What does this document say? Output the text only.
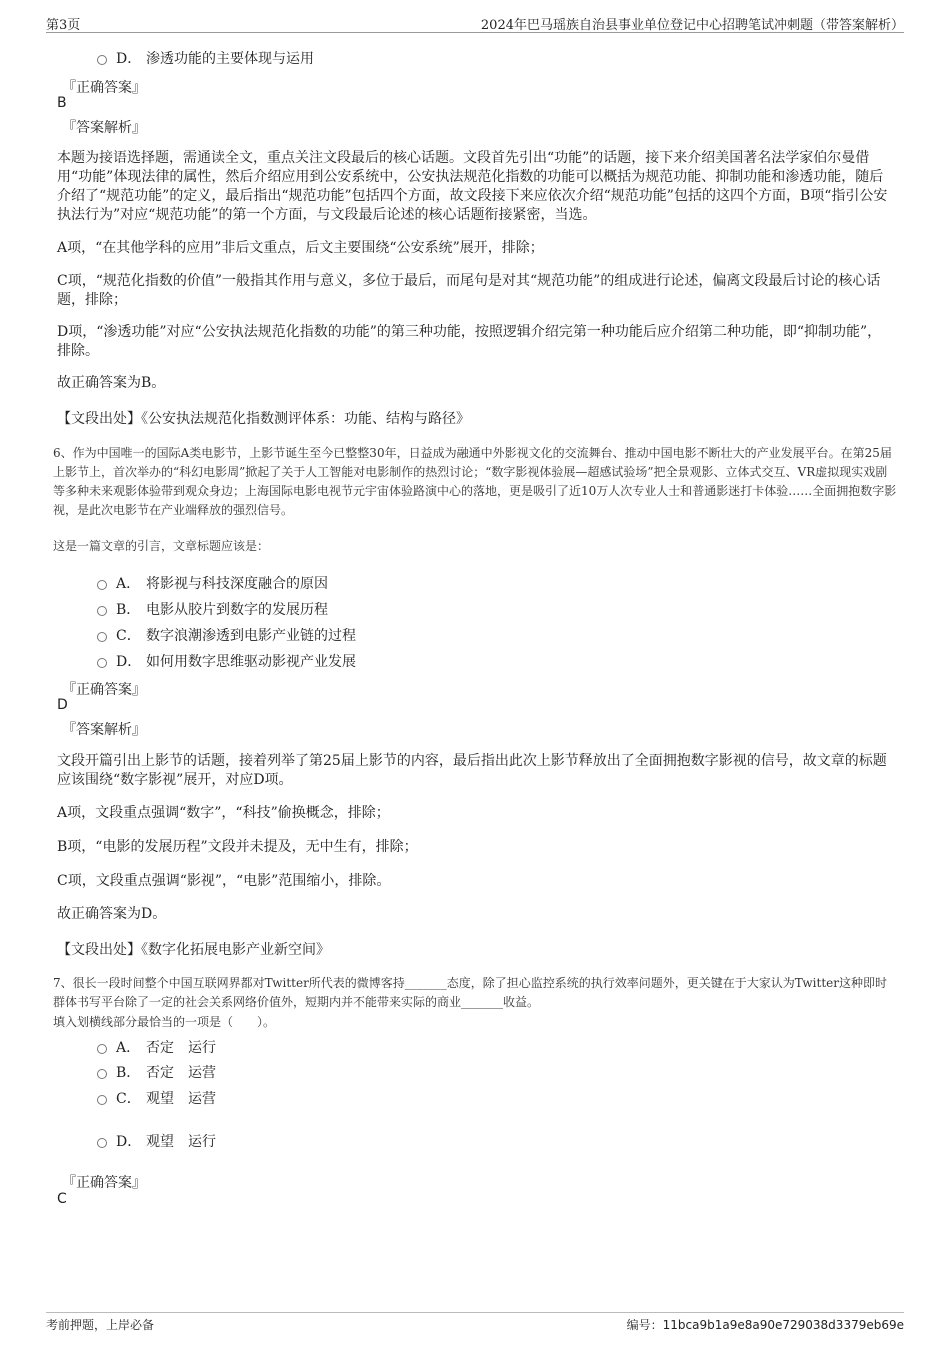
第3页	2024年巴马瑶族自治县事业单位登记中心招聘笔试冲刺题（带答案解析）
D． 渗透功能的主要体现与运用
『正确答案』
B
『答案解析』
本题为接语选择题，需通读全文，重点关注文段最后的核心话题。文段首先引出“功能”的话题，接下来介绍美国著名法学家伯尔曼借用“功能”体现法律的属性，然后介绍应用到公安系统中，公安执法规范化指数的功能可以概括为规范功能、抑制功能和渗透功能，随后介绍了“规范功能”的定义，最后指出“规范功能”包括四个方面，故文段接下来应依次介绍“规范功能”包括的这四个方面，B项“指引公安执法行为”对应“规范功能”的第一个方面，与文段最后论述的核心话题衔接紧密，当选。
A项，“在其他学科的应用”非后文重点，后文主要围绕“公安系统”展开，排除；
C项，“规范化指数的价值”一般指其作用与意义，多位于最后，而尾句是对其“规范功能”的组成进行论述，偏离文段最后讨论的核心话题，排除；
D项，“渗透功能”对应“公安执法规范化指数的功能”的第三种功能，按照逻辑介绍完第一种功能后应介绍第二种功能，即“抑制功能”，排除。
故正确答案为B。
【文段出处】《公安执法规范化指数测评体系：功能、结构与路径》
6、作为中国唯一的国际A类电影节，上影节诞生至今已整整30年，日益成为融通中外影视文化的交流舞台、推动中国电影不断壮大的产业发展平台。在第25届上影节上，首次举办的“科幻电影周”掀起了关于人工智能对电影制作的热烈讨论；“数字影视体验展—超感试验场”把全景观影、立体式交互、VR虚拟现实戏剧等多种未来观影体验带到观众身边；上海国际电影电视节元宇宙体验路演中心的落地，更是吸引了近10万人次专业人士和普通影迷打卡体验……全面拥抱数字影视，是此次电影节在产业端释放的强烈信号。
这是一篇文章的引言，文章标题应该是：
A． 将影视与科技深度融合的原因
B． 电影从胶片到数字的发展历程
C． 数字浪潮渗透到电影产业链的过程
D． 如何用数字思维驱动影视产业发展
『正确答案』
D
『答案解析』
文段开篇引出上影节的话题，接着列举了第25届上影节的内容，最后指出此次上影节释放出了全面拥抱数字影视的信号，故文章的标题应该围绕“数字影视”展开，对应D项。
A项，文段重点强调“数字”，“科技”偷换概念，排除；
B项，“电影的发展历程”文段并未提及，无中生有，排除；
C项，文段重点强调“影视”，“电影”范围缩小，排除。
故正确答案为D。
【文段出处】《数字化拓展电影产业新空间》
7、很长一段时间整个中国互联网界都对Twitter所代表的微博客持_______态度，除了担心监控系统的执行效率问题外，更关键在于大家认为Twitter这种即时群体书写平台除了一定的社会关系网络价值外，短期内并不能带来实际的商业_______收益。
填入划横线部分最恰当的一项是（　　）。
A． 否定　运行
B． 否定　运营
C． 观望　运营
D． 观望　运行
『正确答案』
C
考前押题，上岸必备	编号：11bca9b1a9e8a90e729038d3379eb69e
